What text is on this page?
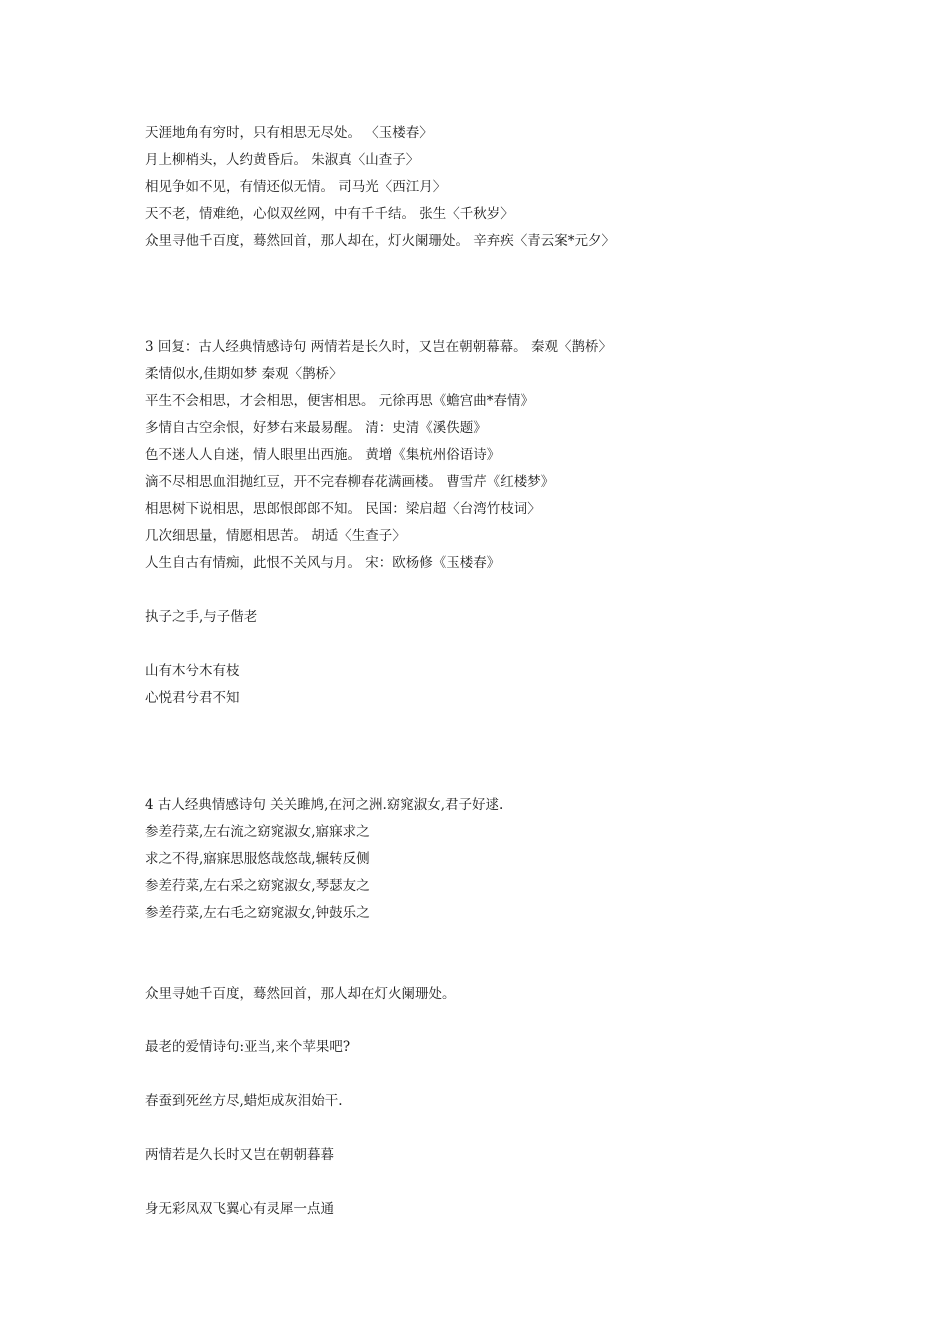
天涯地角有穷时，只有相思无尽处。 〈玉楼春〉
月上柳梢头，人约黄昏后。 朱淑真〈山查子〉
相见争如不见，有情还似无情。 司马光〈西江月〉
天不老，情难绝，心似双丝网，中有千千结。 张生〈千秋岁〉
众里寻他千百度，蓦然回首，那人却在，灯火阑珊处。 辛弃疾〈青云案*元夕〉
3 回复：古人经典情感诗句 两情若是长久时，又岂在朝朝幕幕。 秦观〈鹊桥〉
柔情似水,佳期如梦 秦观〈鹊桥〉
平生不会相思，才会相思，便害相思。 元徐再思《蟾宫曲*春情》
多情自古空余恨，好梦右来最易醒。 清：史清《溪佚题》
色不迷人人自迷，情人眼里出西施。 黄增《集杭州俗语诗》
滴不尽相思血泪抛红豆，开不完春柳春花满画楼。 曹雪芹《红楼梦》
相思树下说相思，思郎恨郎郎不知。 民国：梁启超〈台湾竹枝词〉
几次细思量，情愿相思苦。 胡适〈生查子〉
人生自古有情痴，此恨不关风与月。 宋：欧杨修《玉楼春》
执子之手,与子偕老
山有木兮木有枝
心悦君兮君不知
4 古人经典情感诗句 关关雎鸠,在河之洲.窈窕淑女,君子好逑.
参差荇菜,左右流之窈窕淑女,寤寐求之
求之不得,寤寐思服悠哉悠哉,辗转反侧
参差荇菜,左右采之窈窕淑女,琴瑟友之
参差荇菜,左右毛之窈窕淑女,钟鼓乐之
众里寻她千百度，蓦然回首，那人却在灯火阑珊处。
最老的爱情诗句:亚当,来个苹果吧?
春蚕到死丝方尽,蜡炬成灰泪始干.
两情若是久长时又岂在朝朝暮暮
身无彩凤双飞翼心有灵犀一点通
